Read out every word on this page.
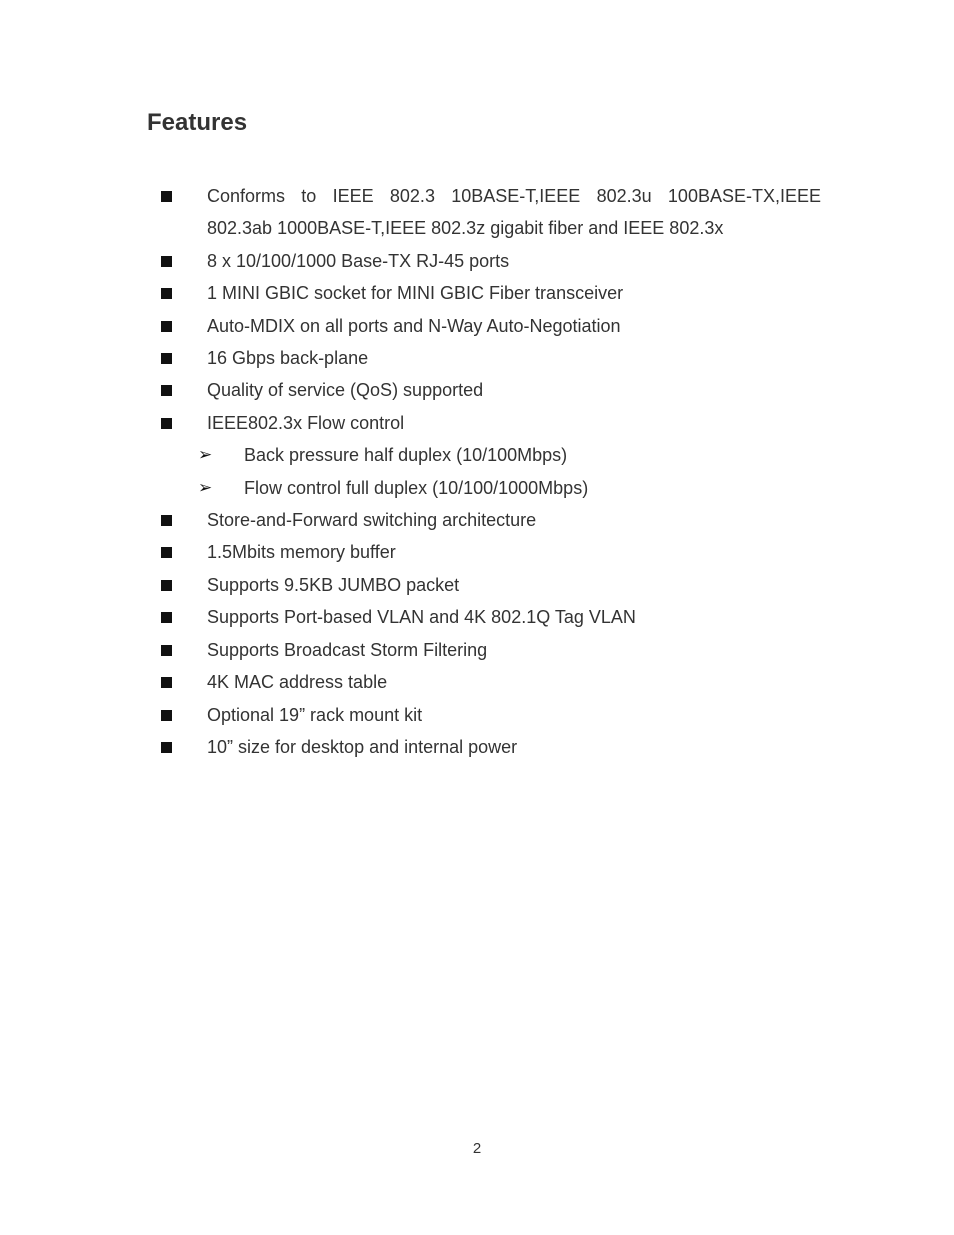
Features
Conforms to IEEE 802.3 10BASE-T,IEEE 802.3u 100BASE-TX,IEEE 802.3ab 1000BASE-T,IEEE 802.3z gigabit fiber and IEEE 802.3x
8 x 10/100/1000 Base-TX RJ-45 ports
1 MINI GBIC socket for MINI GBIC Fiber transceiver
Auto-MDIX on all ports and N-Way Auto-Negotiation
16 Gbps back-plane
Quality of service (QoS) supported
IEEE802.3x Flow control
➢ Back pressure half duplex (10/100Mbps)
➢ Flow control full duplex (10/100/1000Mbps)
Store-and-Forward switching architecture
1.5Mbits memory buffer
Supports 9.5KB JUMBO packet
Supports Port-based VLAN and 4K 802.1Q Tag VLAN
Supports Broadcast Storm Filtering
4K MAC address table
Optional 19” rack mount kit
10” size for desktop and internal power
2
